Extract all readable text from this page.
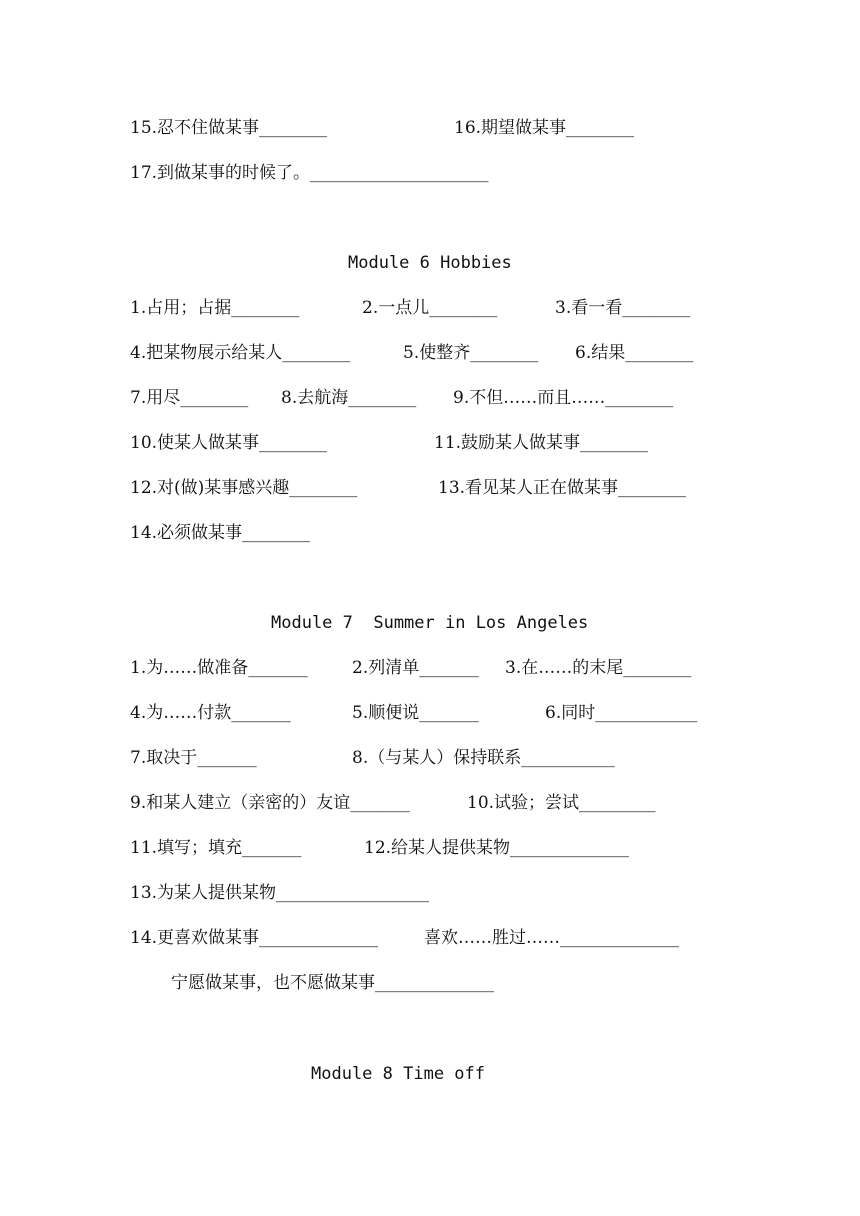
15.忍不住做某事________	16.期望做某事________
17.到做某事的时候了。_____________________
Module 6 Hobbies
1.占用；占据________	2.一点儿________	3.看一看________
4.把某物展示给某人________	5.使整齐________ 6.结果________
7.用尽________ 8.去航海________ 9.不但……而且……________
10.使某人做某事________	11.鼓励某人做某事________
12.对(做)某事感兴趣________	13.看见某人正在做某事________
14.必须做某事________
Module 7  Summer in Los Angeles
1.为……做准备_______	2.列清单_______ 3.在……的末尾________
4.为……付款_______	5.顺便说_______	6.同时____________
7.取决于_______	8.（与某人）保持联系___________
9.和某人建立（亲密的）友谊_______	10.试验；尝试_________
11.填写；填充_______	12.给某人提供某物______________
13.为某人提供某物__________________
14.更喜欢做某事______________	喜欢……胜过……______________
宁愿做某事，也不愿做某事______________
Module 8 Time off
